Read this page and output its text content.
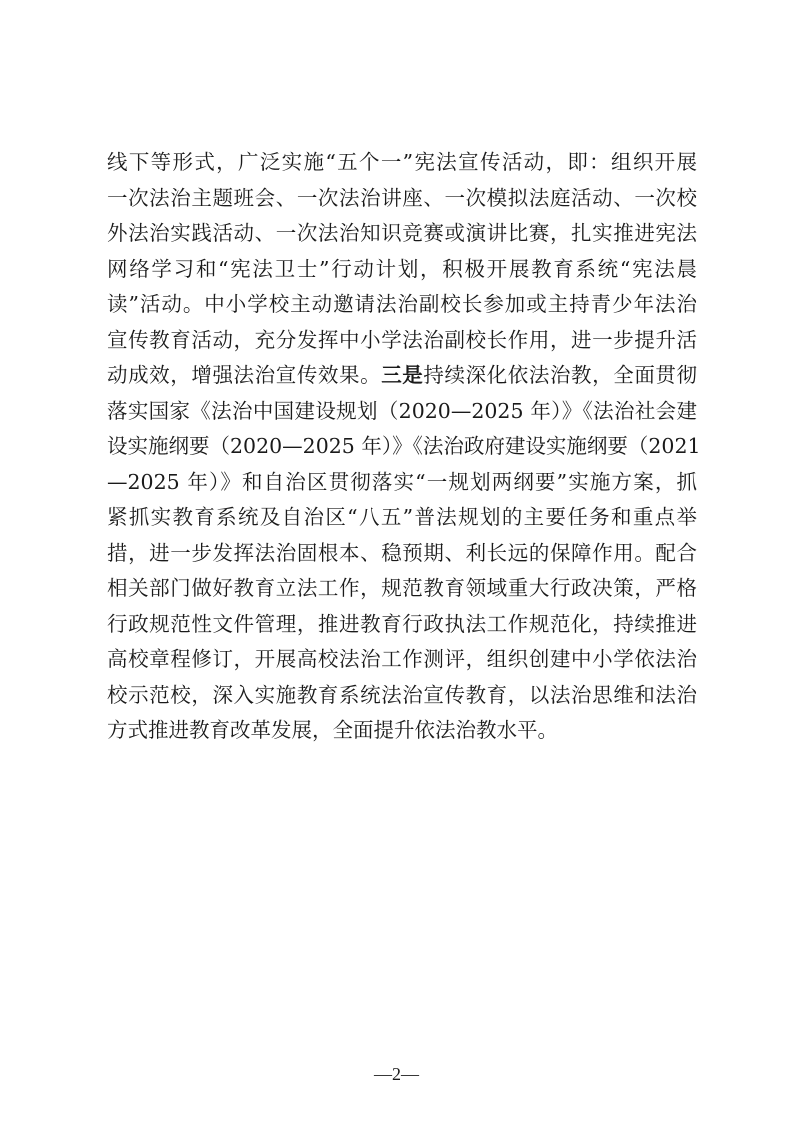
线下等形式，广泛实施“五个一”宪法宣传活动，即：组织开展
一次法治主题班会、一次法治讲座、一次模拟法庭活动、一次校
外法治实践活动、一次法治知识竞赛或演讲比赛，扎实推进宪法
网络学习和“宪法卫士”行动计划，积极开展教育系统“宪法晨
读”活动。中小学校主动邀请法治副校长参加或主持青少年法治
宣传教育活动，充分发挥中小学法治副校长作用，进一步提升活
动成效，增强法治宣传效果。三是持续深化依法治教，全面贯彻
落实国家《法治中国建设规划（2020—2025 年）》《法治社会建
设实施纲要（2020—2025 年）》《法治政府建设实施纲要（2021
—2025 年）》和自治区贯彻落实“一规划两纲要”实施方案，抓
紧抓实教育系统及自治区“八五”普法规划的主要任务和重点举
措，进一步发挥法治固根本、稳预期、利长远的保障作用。配合
相关部门做好教育立法工作，规范教育领域重大行政决策，严格
行政规范性文件管理，推进教育行政执法工作规范化，持续推进
高校章程修订，开展高校法治工作测评，组织创建中小学依法治
校示范校，深入实施教育系统法治宣传教育，以法治思维和法治
方式推进教育改革发展，全面提升依法治教水平。
—2—
